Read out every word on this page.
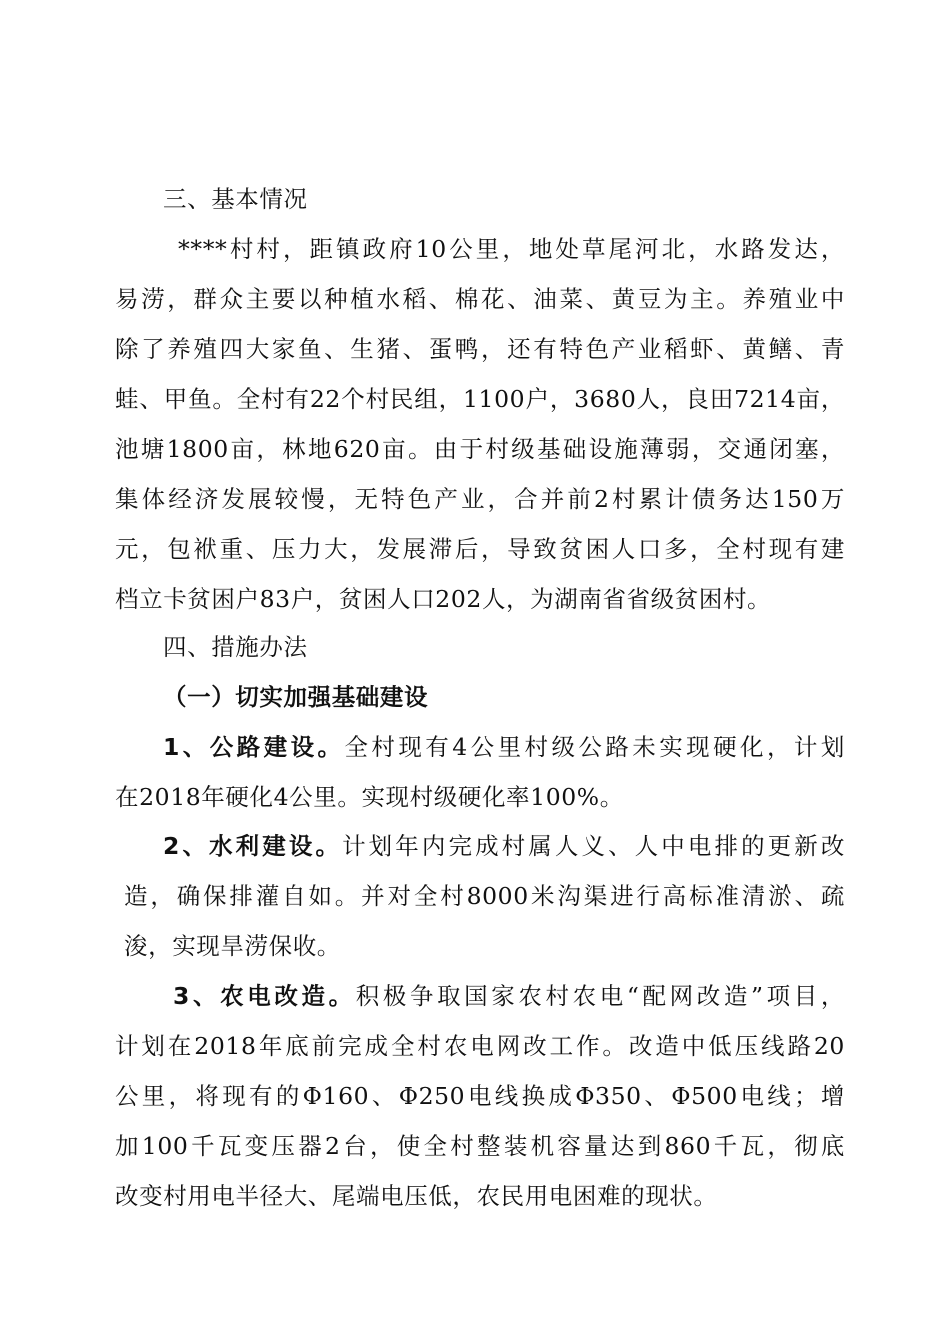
三、基本情况
****村村，距镇政府10公里，地处草尾河北，水路发达，
易涝，群众主要以种植水稻、棉花、油菜、黄豆为主。养殖业中
除了养殖四大家鱼、生猪、蛋鸭，还有特色产业稻虾、黄鳝、青
蛙、甲鱼。全村有22个村民组，1100户，3680人，良田7214亩，
池塘1800亩，林地620亩。由于村级基础设施薄弱，交通闭塞，
集体经济发展较慢，无特色产业，合并前2村累计债务达150万
元，包袱重、压力大，发展滞后，导致贫困人口多，全村现有建
档立卡贫困户83户，贫困人口202人，为湖南省省级贫困村。
四、措施办法
（一）切实加强基础建设
1、公路建设。全村现有4公里村级公路未实现硬化，计划
在2018年硬化4公里。实现村级硬化率100%。
2、水利建设。计划年内完成村属人义、人中电排的更新改
造，确保排灌自如。并对全村8000米沟渠进行高标准清淤、疏
浚，实现旱涝保收。
3、农电改造。积极争取国家农村农电“配网改造”项目，
计划在2018年底前完成全村农电网改工作。改造中低压线路20
公里，将现有的Φ160、Φ250电线换成Φ350、Φ500电线；增
加100千瓦变压器2台，使全村整装机容量达到860千瓦，彻底
改变村用电半径大、尾端电压低，农民用电困难的现状。
